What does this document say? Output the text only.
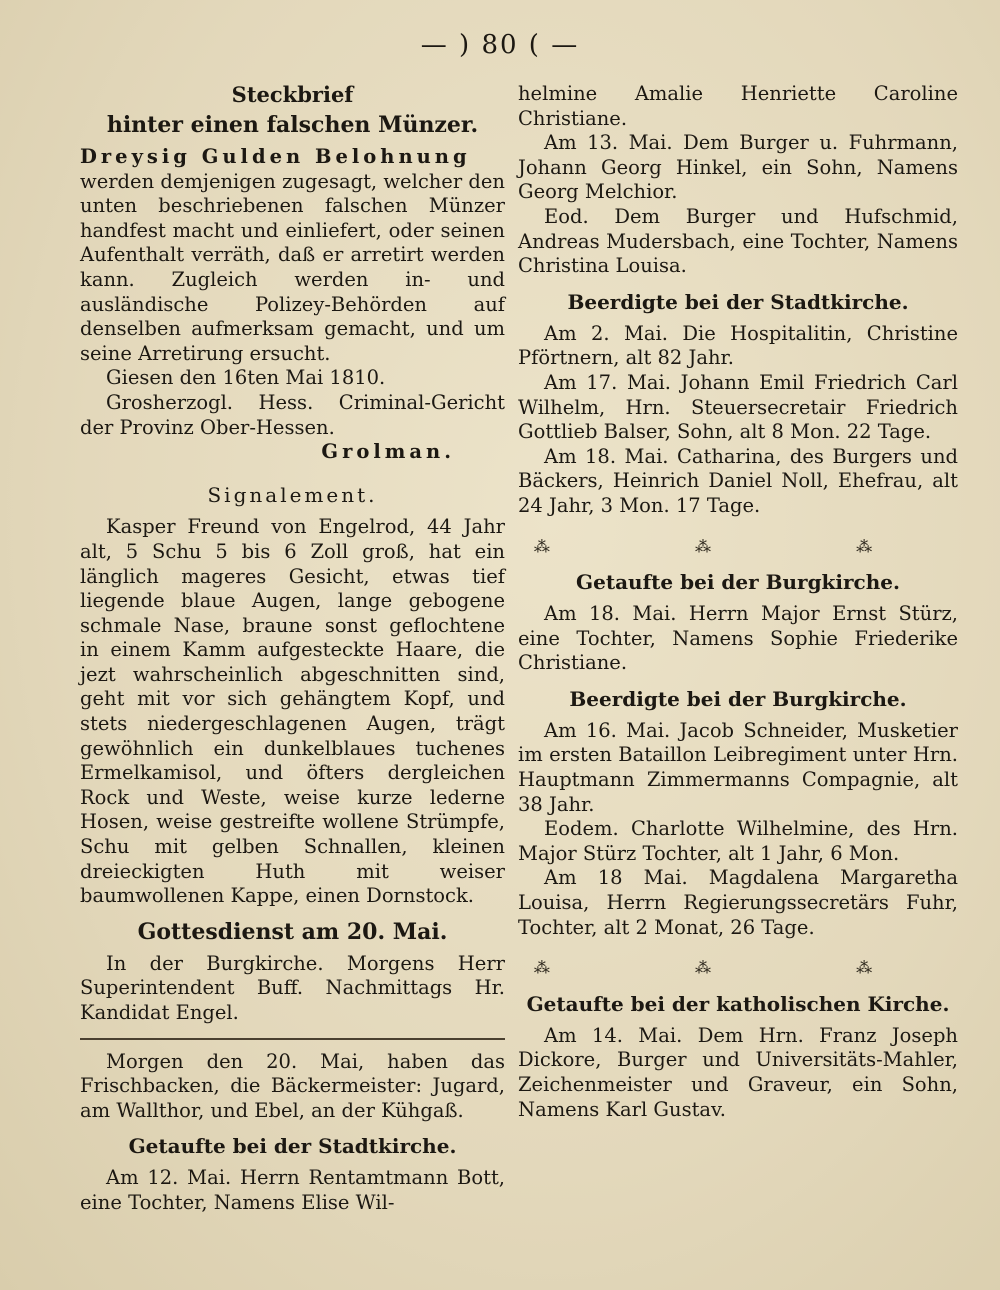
— ) 80 ( —
Steckbrief
hinter einen falschen Münzer.

Dreysig Gulden Belohnung

werden demjenigen zugesagt, welcher den unten beschriebenen falschen Münzer handfest macht und einliefert, oder seinen Aufenthalt verräth, daß er arretirt werden kann. Zugleich werden in- und ausländische Polizey-Behörden auf denselben aufmerksam gemacht, und um seine Arretirung ersucht.

Giesen den 16ten Mai 1810.

Grosherzogl. Hess. Criminal-Gericht der Provinz Ober-Hessen.

Grolman.

Signalement.

Kasper Freund von Engelrod, 44 Jahr alt, 5 Schu 5 bis 6 Zoll groß, hat ein länglich mageres Gesicht, etwas tief liegende blaue Augen, lange gebogene schmale Nase, braune sonst geflochtene in einem Kamm aufgesteckte Haare, die jezt wahrscheinlich abgeschnitten sind, geht mit vor sich gehängtem Kopf, und stets niedergeschlagenen Augen, trägt gewöhnlich ein dunkelblaues tuchenes Ermelkamisol, und öfters dergleichen Rock und Weste, weise kurze lederne Hosen, weise gestreifte wollene Strümpfe, Schu mit gelben Schnallen, kleinen dreieckigten Huth mit weiser baumwollenen Kappe, einen Dornstock.

Gottesdienst am 20. Mai.

In der Burgkirche. Morgens Herr Superintendent Buff. Nachmittags Hr. Kandidat Engel.

Morgen den 20. Mai, haben das Frischbacken, die Bäckermeister: Jugard, am Wallthor, und Ebel, an der Kühgaß.

Getaufte bei der Stadtkirche.

Am 12. Mai. Herrn Rentamtmann Bott, eine Tochter, Namens Elise Wil-

helmine Amalie Henriette Caroline Christiane.

Am 13. Mai. Dem Burger u. Fuhrmann, Johann Georg Hinkel, ein Sohn, Namens Georg Melchior.

Eod. Dem Burger und Hufschmid, Andreas Mudersbach, eine Tochter, Namens Christina Louisa.

Beerdigte bei der Stadtkirche.

Am 2. Mai. Die Hospitalitin, Christine Pförtnern, alt 82 Jahr.

Am 17. Mai. Johann Emil Friedrich Carl Wilhelm, Hrn. Steuersecretair Friedrich Gottlieb Balser, Sohn, alt 8 Mon. 22 Tage.

Am 18. Mai. Catharina, des Burgers und Bäckers, Heinrich Daniel Noll, Ehefrau, alt 24 Jahr, 3 Mon. 17 Tage.

⁂ ⁂ ⁂
Getaufte bei der Burgkirche.

Am 18. Mai. Herrn Major Ernst Stürz, eine Tochter, Namens Sophie Friederike Christiane.

Beerdigte bei der Burgkirche.

Am 16. Mai. Jacob Schneider, Musketier im ersten Bataillon Leibregiment unter Hrn. Hauptmann Zimmermanns Compagnie, alt 38 Jahr.

Eodem. Charlotte Wilhelmine, des Hrn. Major Stürz Tochter, alt 1 Jahr, 6 Mon.

Am 18 Mai. Magdalena Margaretha Louisa, Herrn Regierungssecretärs Fuhr, Tochter, alt 2 Monat, 26 Tage.

⁂ ⁂ ⁂
Getaufte bei der katholischen Kirche.

Am 14. Mai. Dem Hrn. Franz Joseph Dickore, Burger und Universitäts-Mahler, Zeichenmeister und Graveur, ein Sohn, Namens Karl Gustav.
